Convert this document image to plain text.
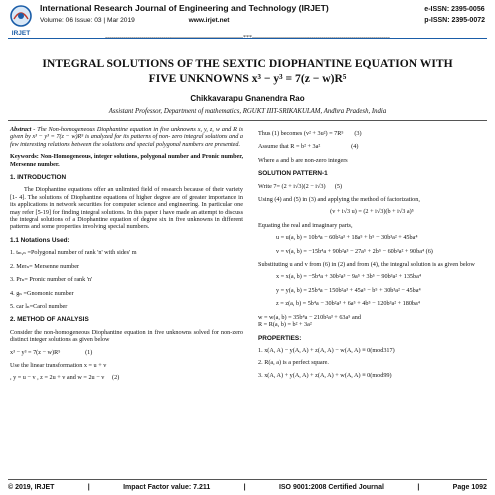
IRJET
International Research Journal of Engineering and Technology (IRJET)
Volume: 06 Issue: 03 | Mar 2019	www.irjet.net
e-ISSN: 2395-0056
p-ISSN: 2395-0072
---------------------------------------------------------------------***---------------------------------------------------------------------
INTEGRAL SOLUTIONS OF THE SEXTIC DIOPHANTINE EQUATION WITH
FIVE UNKNOWNS x³ − y³ = 7(z − w)R⁵
Chikkavarapu Gnanendra Rao
Assistant Professor, Department of mathematics, RGUKT IIIT-SRIKAKULAM, Andhra Pradesh, India

Abstract - The Non-homogeneous Diophantine equation in five unknowns x, y, z, w and R is given by x³ − y³ = 7(z − w)R⁵ is analyzed for its patterns of non- zero integral solutions and a few interesting relations between the solutions and special polygonal numbers are presented.

Keywords: Non-Homogeneous, integer solutions, polygonal number and Pronic number, Mersenne number.

1. INTRODUCTION

The Diophantine equations offer an unlimited field of research because of their variety [1- 4]. The solutions of Diophantine equations of higher degree are of greater importance in its applications in network securities for computer science and engineering. In particular one may refer [5-19] for finding integral solutions. In this paper i have made an attempt to discuss the integral solutions of a Diophantine equation of degree six in five unknowns in different patterns and some properties involving special numbers.

1.1 Notations Used:

1. tₘ,ₙ =Polygonal number of rank 'n' with sides' m

2. Merₙ= Mersenne number

3. Prₙ= Pronic number of rank 'n'

4. gₙ =Gnomonic number

5. car lₙ=Carol number

2. METHOD OF ANALYSIS

Consider the non-homogeneous Diophantine equation in five unknowns solved for non-zero distinct integer solutions as given below

x³ − y³ = 7(z − w)R⁵                (1)

Use the linear transformation x = u + v

, y = u − v , z = 2u + v and w = 2u − v     (2)

Thus (1) becomes (v² + 3u²) = 7R⁵       (3)

Assume that R = b² + 3a²                    (4)

Where a and b are non-zero integers

SOLUTION PATTERN-1

Write 7= (2 + i√3)(2 − i√3)      (5)

Using (4) and (5) in (3) and applying the method of factorization,

(v + i√3 u) = (2 + i√3)(b + i√3 a)⁵

Equating the real and imaginary parts,

u = u(a, b) = 10b⁴a − 60b²a³ + 18a⁵ + b⁵ − 30b³a² + 45ba⁴

v = v(a, b) = −15b⁴a + 90b²a³ − 27a⁵ + 2b⁵ − 60b³a² + 90ba⁴ (6)

Substituting u and v from (6) in (2) and from (4), the integral solution is as given below

x = x(a, b) = −5b⁴a + 30b²a³ − 9a⁵ + 3b⁵ − 90b³a² + 135ba⁴

y = y(a, b) = 25b⁴a − 150b²a³ + 45a⁵ − b⁵ + 30b³a² − 45ba⁴

z = z(a, b) = 5b⁴a − 30b²a³ + 6a⁵ + 4b⁵ − 120b³a² + 180ba⁴

w = w(a, b) = 35b⁴a − 210b²a³ + 63a⁵ and

R = R(a, b) = b² + 3a²

PROPERTIES:

1. x(A, A) − y(A, A) + z(A, A) − w(A, A) ≡ 0(mod317)

2. R(a, a) is a perfect square.

3. x(A, A) + y(A, A) + z(A, A) + w(A, A) ≡ 0(mod99)

© 2019, IRJET	|	Impact Factor value: 7.211	|	ISO 9001:2008 Certified Journal	|	Page 1092
